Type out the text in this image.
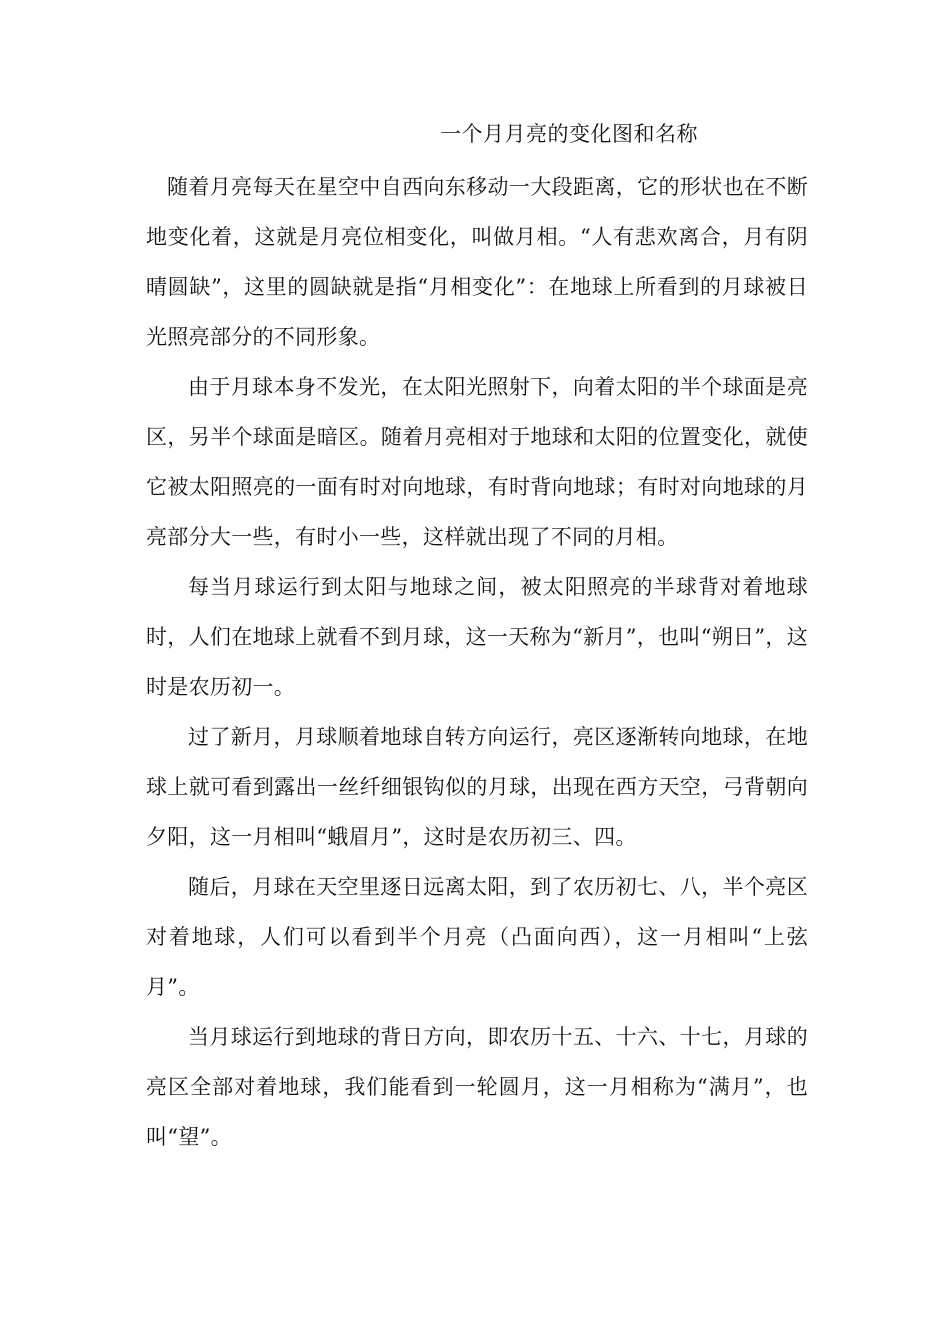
一个月月亮的变化图和名称

随着月亮每天在星空中自西向东移动一大段距离，它的形状也在不断地变化着，这就是月亮位相变化，叫做月相。“人有悲欢离合，月有阴晴圆缺”，这里的圆缺就是指“月相变化”：在地球上所看到的月球被日光照亮部分的不同形象。

由于月球本身不发光，在太阳光照射下，向着太阳的半个球面是亮区，另半个球面是暗区。随着月亮相对于地球和太阳的位置变化，就使它被太阳照亮的一面有时对向地球，有时背向地球；有时对向地球的月亮部分大一些，有时小一些，这样就出现了不同的月相。

每当月球运行到太阳与地球之间，被太阳照亮的半球背对着地球时，人们在地球上就看不到月球，这一天称为“新月”，也叫“朔日”，这时是农历初一。

过了新月，月球顺着地球自转方向运行，亮区逐渐转向地球，在地球上就可看到露出一丝纤细银钩似的月球，出现在西方天空，弓背朝向夕阳，这一月相叫“蛾眉月”，这时是农历初三、四。

随后，月球在天空里逐日远离太阳，到了农历初七、八，半个亮区对着地球，人们可以看到半个月亮（凸面向西），这一月相叫“上弦月”。

当月球运行到地球的背日方向，即农历十五、十六、十七，月球的亮区全部对着地球，我们能看到一轮圆月，这一月相称为“满月”，也叫“望”。
